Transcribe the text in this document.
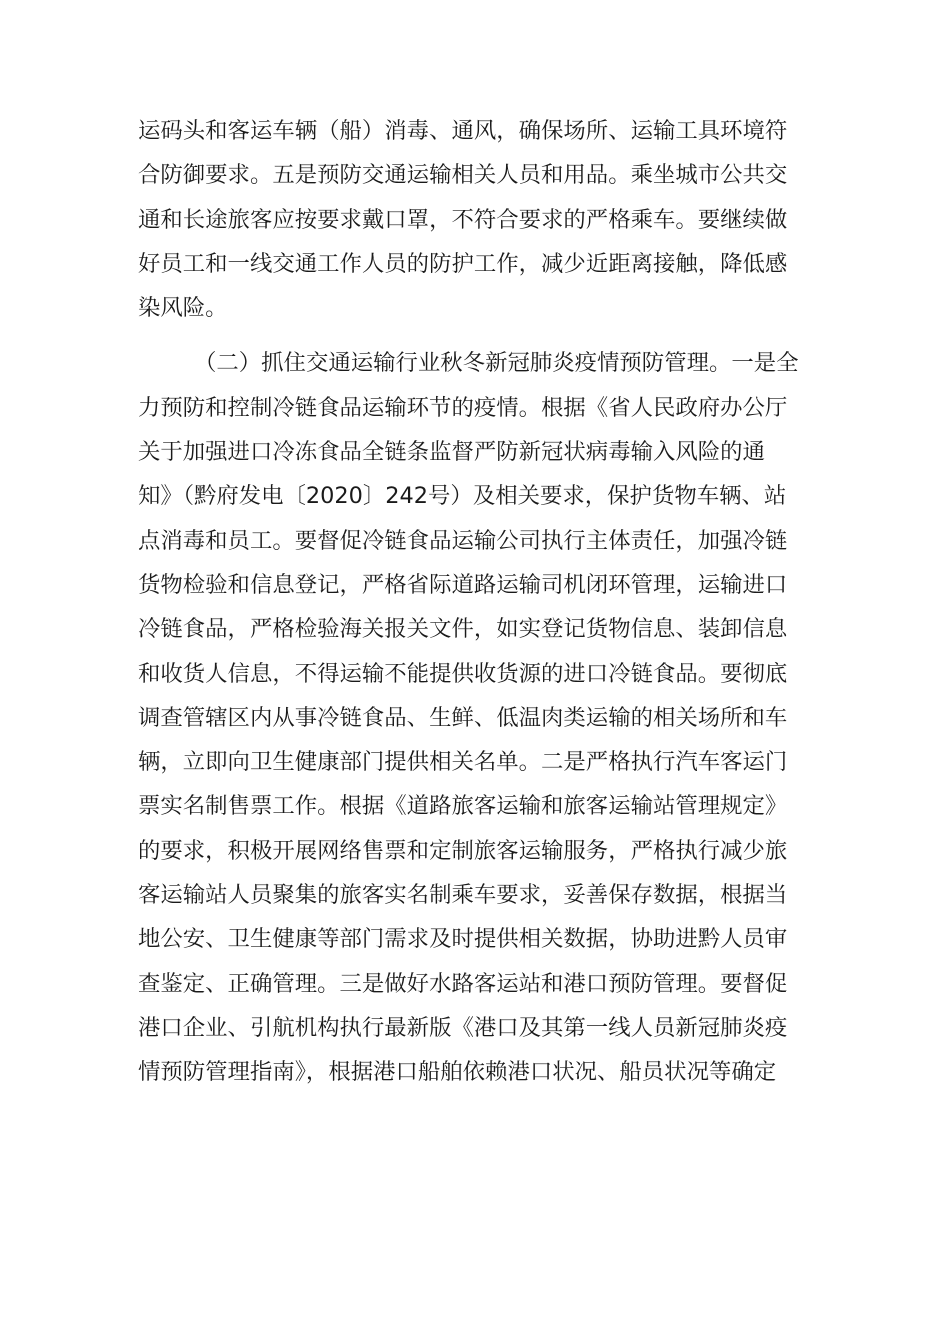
运码头和客运车辆（船）消毒、通风，确保场所、运输工具环境符
合防御要求。五是预防交通运输相关人员和用品。乘坐城市公共交
通和长途旅客应按要求戴口罩，不符合要求的严格乘车。要继续做
好员工和一线交通工作人员的防护工作，减少近距离接触，降低感
染风险。
（二）抓住交通运输行业秋冬新冠肺炎疫情预防管理。一是全
力预防和控制冷链食品运输环节的疫情。根据《省人民政府办公厅
关于加强进口冷冻食品全链条监督严防新冠状病毒输入风险的通
知》（黔府发电〔2020〕242号）及相关要求，保护货物车辆、站
点消毒和员工。要督促冷链食品运输公司执行主体责任，加强冷链
货物检验和信息登记，严格省际道路运输司机闭环管理，运输进口
冷链食品，严格检验海关报关文件，如实登记货物信息、装卸信息
和收货人信息，不得运输不能提供收货源的进口冷链食品。要彻底
调查管辖区内从事冷链食品、生鲜、低温肉类运输的相关场所和车
辆，立即向卫生健康部门提供相关名单。二是严格执行汽车客运门
票实名制售票工作。根据《道路旅客运输和旅客运输站管理规定》
的要求，积极开展网络售票和定制旅客运输服务，严格执行减少旅
客运输站人员聚集的旅客实名制乘车要求，妥善保存数据，根据当
地公安、卫生健康等部门需求及时提供相关数据，协助进黔人员审
查鉴定、正确管理。三是做好水路客运站和港口预防管理。要督促
港口企业、引航机构执行最新版《港口及其第一线人员新冠肺炎疫
情预防管理指南》，根据港口船舶依赖港口状况、船员状况等确定
